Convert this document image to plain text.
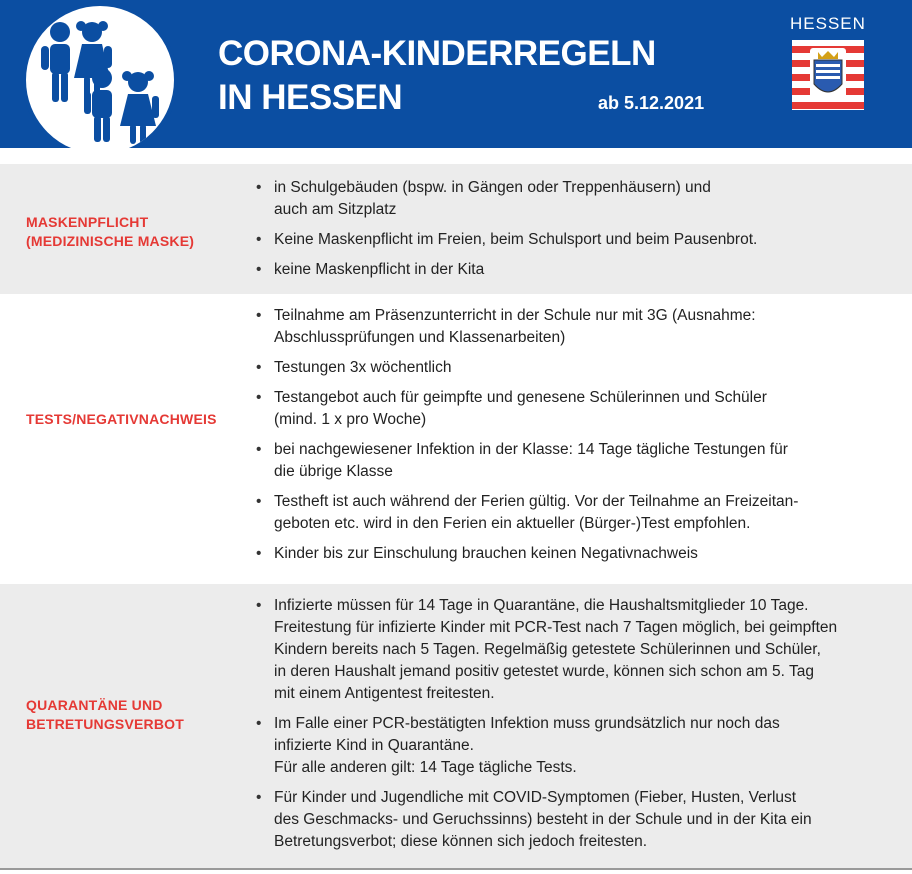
CORONA-KINDERREGELN
IN HESSEN	ab 5.12.2021
HESSEN
MASKENPFLICHT
(MEDIZINISCHE MASKE)
• in Schulgebäuden (bspw. in Gängen oder Treppenhäusern) und
auch am Sitzplatz
• Keine Maskenpflicht im Freien, beim Schulsport und beim Pausenbrot.
• keine Maskenpflicht in der Kita
TESTS/NEGATIVNACHWEIS
• Teilnahme am Präsenzunterricht in der Schule nur mit 3G (Ausnahme:
Abschlussprüfungen und Klassenarbeiten)
• Testungen 3x wöchentlich
• Testangebot auch für geimpfte und genesene Schülerinnen und Schüler
(mind. 1 x pro Woche)
• bei nachgewiesener Infektion in der Klasse: 14 Tage tägliche Testungen für
die übrige Klasse
• Testheft ist auch während der Ferien gültig. Vor der Teilnahme an Freizeitan-
geboten etc. wird in den Ferien ein aktueller (Bürger-)Test empfohlen.
• Kinder bis zur Einschulung brauchen keinen Negativnachweis
QUARANTÄNE UND
BETRETUNGSVERBOT
• Infizierte müssen für 14 Tage in Quarantäne, die Haushaltsmitglieder 10 Tage.
Freitestung für infizierte Kinder mit PCR-Test nach 7 Tagen möglich, bei geimpften
Kindern bereits nach 5 Tagen. Regelmäßig getestete Schülerinnen und Schüler,
in deren Haushalt jemand positiv getestet wurde, können sich schon am 5. Tag
mit einem Antigentest freitesten.
• Im Falle einer PCR-bestätigten Infektion muss grundsätzlich nur noch das
infizierte Kind in Quarantäne.
Für alle anderen gilt: 14 Tage tägliche Tests.
• Für Kinder und Jugendliche mit COVID-Symptomen (Fieber, Husten, Verlust
des Geschmacks- und Geruchssinns) besteht in der Schule und in der Kita ein
Betretungsverbot; diese können sich jedoch freitesten.
